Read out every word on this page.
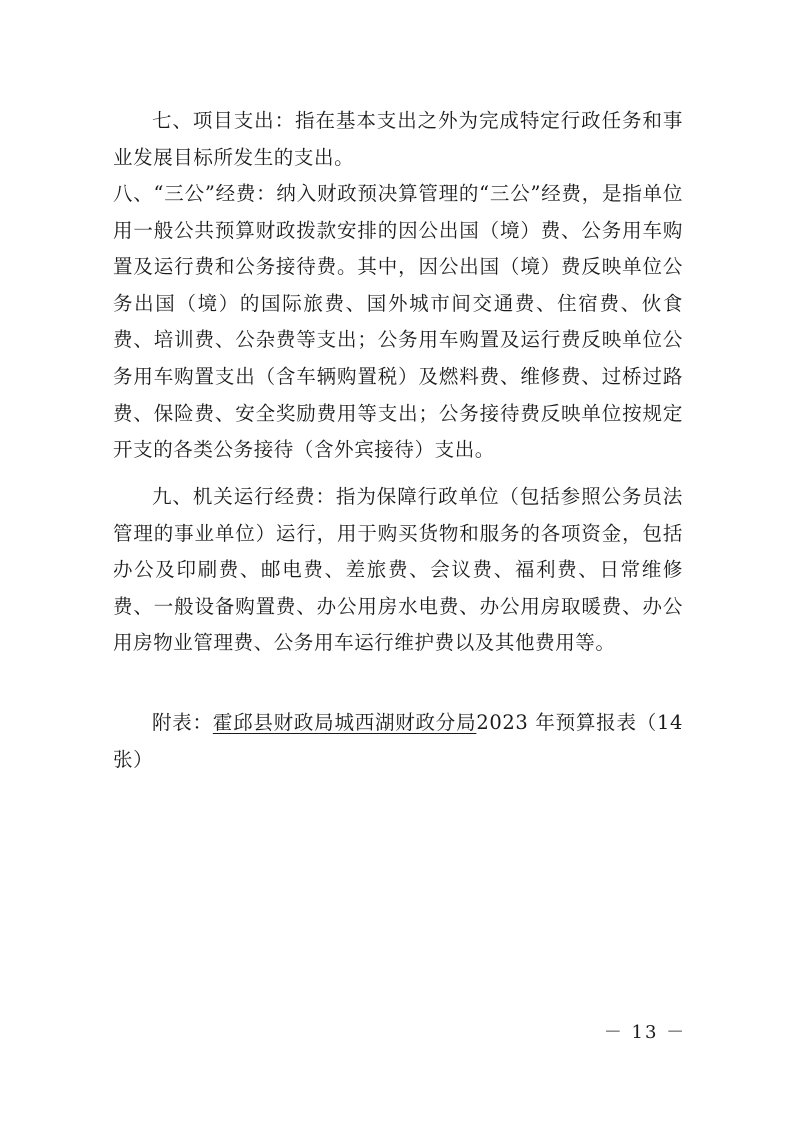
七、项目支出：指在基本支出之外为完成特定行政任务和事业发展目标所发生的支出。

八、“三公”经费：纳入财政预决算管理的“三公”经费，是指单位用一般公共预算财政拨款安排的因公出国（境）费、公务用车购置及运行费和公务接待费。其中，因公出国（境）费反映单位公务出国（境）的国际旅费、国外城市间交通费、住宿费、伙食费、培训费、公杂费等支出；公务用车购置及运行费反映单位公务用车购置支出（含车辆购置税）及燃料费、维修费、过桥过路费、保险费、安全奖励费用等支出；公务接待费反映单位按规定开支的各类公务接待（含外宾接待）支出。

九、机关运行经费：指为保障行政单位（包括参照公务员法管理的事业单位）运行，用于购买货物和服务的各项资金，包括办公及印刷费、邮电费、差旅费、会议费、福利费、日常维修费、一般设备购置费、办公用房水电费、办公用房取暖费、办公用房物业管理费、公务用车运行维护费以及其他费用等。

附表：霍邱县财政局城西湖财政分局2023 年预算报表（14 张）

－ 13 －
